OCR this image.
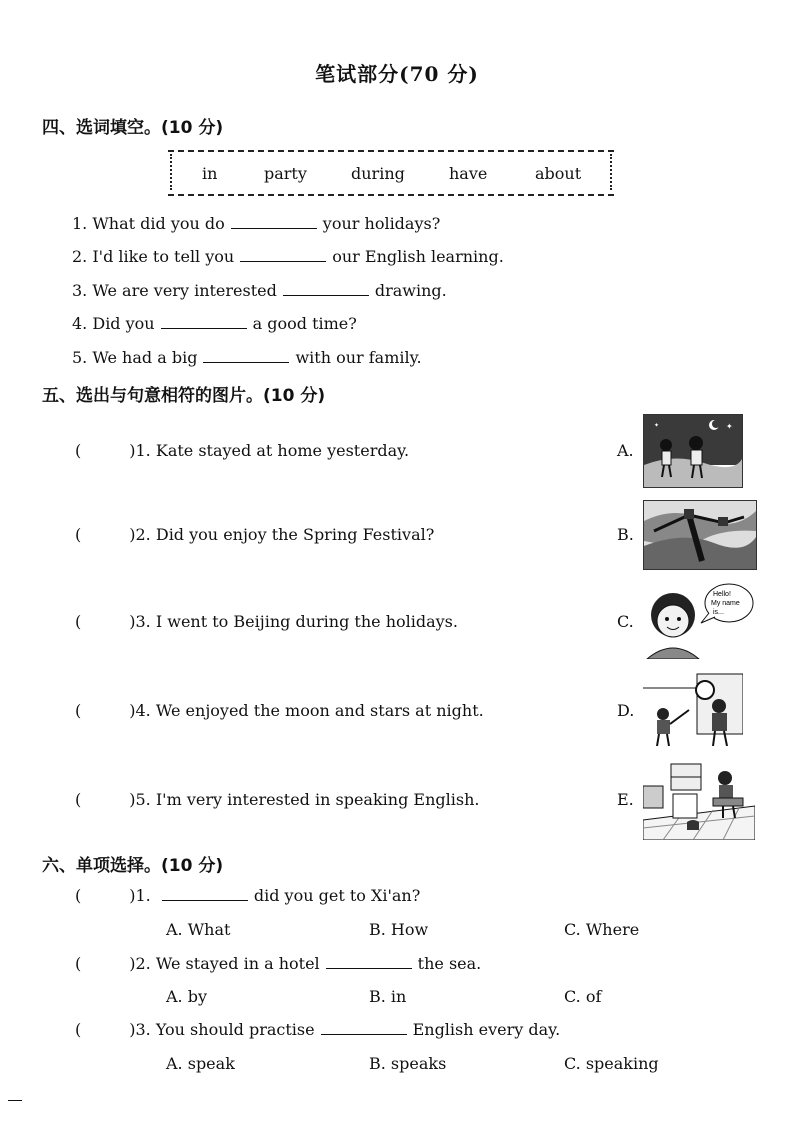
笔试部分(70 分)
四、选词填空。(10 分)
in	party	during	have	about
1. What did you do	your holidays?
2. I'd like to tell you	our English learning.
3. We are very interested	drawing.
4. Did you	a good time?
5. We had a big	with our family.
五、选出与句意相符的图片。(10 分)
(	)1. Kate stayed at home yesterday.
(	)2. Did you enjoy the Spring Festival?
(	)3. I went to Beijing during the holidays.
(	)4. We enjoyed the moon and stars at night.
(	)5. I'm very interested in speaking English.
A.
B.
C.
D.
E.
✦
✦
Hello!
My name
is...
六、单项选择。(10 分)
(	)1.	did you get to Xi'an?
A. What	B. How	C. Where
(	)2. We stayed in a hotel	the sea.
A. by	B. in	C. of
(	)3. You should practise	English every day.
A. speak	B. speaks	C. speaking
